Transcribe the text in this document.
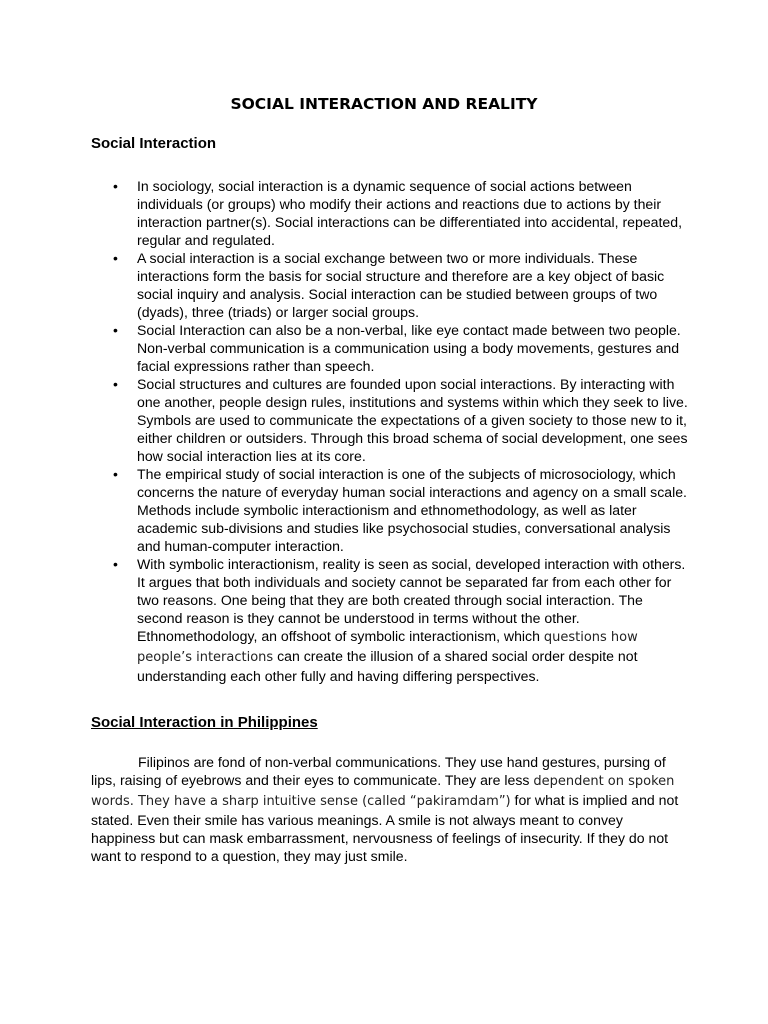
SOCIAL INTERACTION AND REALITY
Social Interaction
• In sociology, social interaction is a dynamic sequence of social actions between individuals (or groups) who modify their actions and reactions due to actions by their interaction partner(s). Social interactions can be differentiated into accidental, repeated, regular and regulated.
• A social interaction is a social exchange between two or more individuals. These interactions form the basis for social structure and therefore are a key object of basic social inquiry and analysis. Social interaction can be studied between groups of two (dyads), three (triads) or larger social groups.
• Social Interaction can also be a non-verbal, like eye contact made between two people. Non-verbal communication is a communication using a body movements, gestures and facial expressions rather than speech.
• Social structures and cultures are founded upon social interactions. By interacting with one another, people design rules, institutions and systems within which they seek to live. Symbols are used to communicate the expectations of a given society to those new to it, either children or outsiders. Through this broad schema of social development, one sees how social interaction lies at its core.
• The empirical study of social interaction is one of the subjects of microsociology, which concerns the nature of everyday human social interactions and agency on a small scale. Methods include symbolic interactionism and ethnomethodology, as well as later academic sub-divisions and studies like psychosocial studies, conversational analysis and human-computer interaction.
• With symbolic interactionism, reality is seen as social, developed interaction with others. It argues that both individuals and society cannot be separated far from each other for two reasons. One being that they are both created through social interaction. The second reason is they cannot be understood in terms without the other. Ethnomethodology, an offshoot of symbolic interactionism, which questions how people’s interactions can create the illusion of a shared social order despite not understanding each other fully and having differing perspectives.
Social Interaction in Philippines

Filipinos are fond of non-verbal communications. They use hand gestures, pursing of lips, raising of eyebrows and their eyes to communicate. They are less dependent on spoken words. They have a sharp intuitive sense (called “pakiramdam”) for what is implied and not stated. Even their smile has various meanings. A smile is not always meant to convey happiness but can mask embarrassment, nervousness of feelings of insecurity. If they do not want to respond to a question, they may just smile.
